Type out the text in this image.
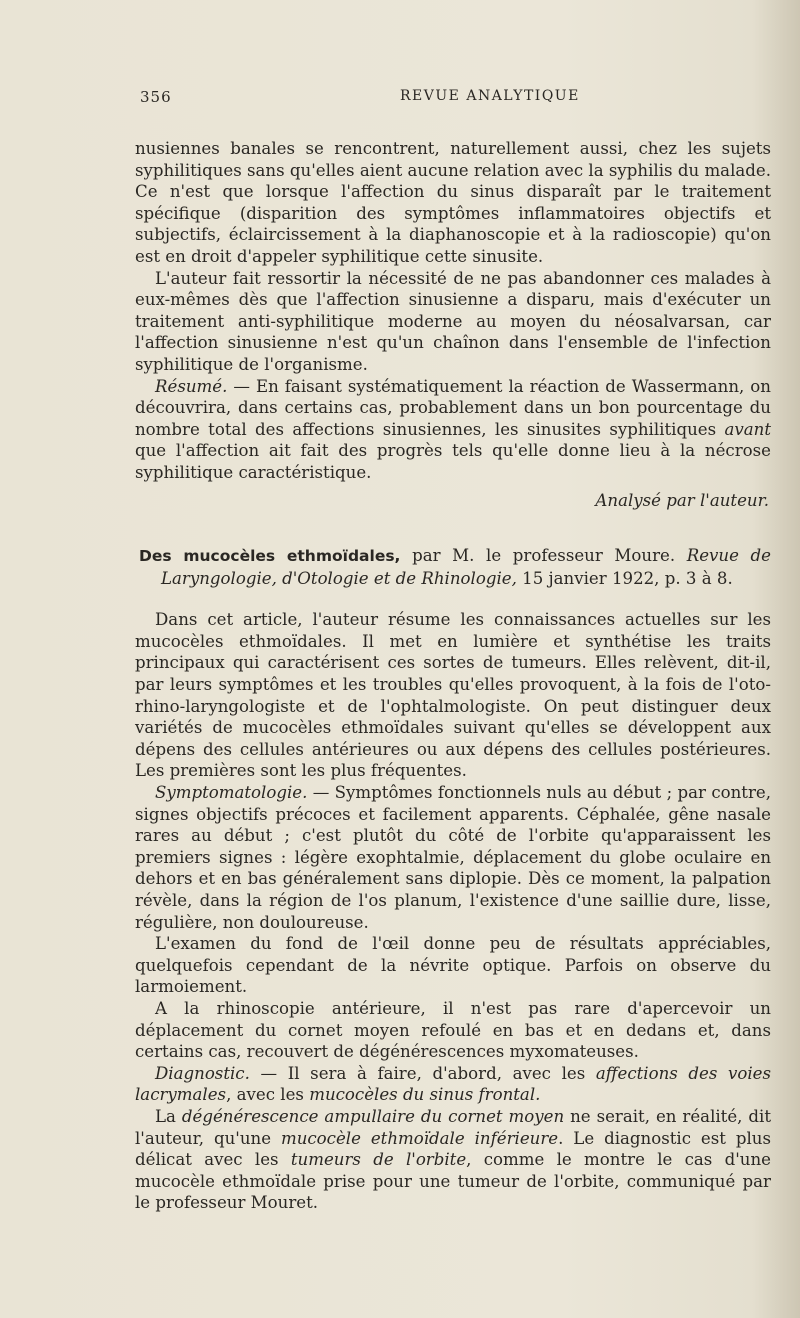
356	REVUE ANALYTIQUE

nusiennes banales se rencontrent, naturellement aussi, chez les sujets syphilitiques sans qu'elles aient aucune relation avec la syphilis du malade. Ce n'est que lorsque l'affection du sinus disparaît par le traitement spécifique (disparition des symptômes inflammatoires objectifs et subjectifs, éclaircissement à la diaphanoscopie et à la radioscopie) qu'on est en droit d'appeler syphilitique cette sinusite.

L'auteur fait ressortir la nécessité de ne pas abandonner ces malades à eux-mêmes dès que l'affection sinusienne a disparu, mais d'exécuter un traitement anti-syphilitique moderne au moyen du néosalvarsan, car l'affection sinusienne n'est qu'un chaînon dans l'ensemble de l'infection syphilitique de l'organisme.

Résumé. — En faisant systématiquement la réaction de Wassermann, on découvrira, dans certains cas, probablement dans un bon pourcentage du nombre total des affections sinusiennes, les sinusites syphilitiques avant que l'affection ait fait des progrès tels qu'elle donne lieu à la nécrose syphilitique caractéristique.

Analysé par l'auteur.

Des mucocèles ethmoïdales, par M. le professeur Moure. Revue de Laryngologie, d'Otologie et de Rhinologie, 15 janvier 1922, p. 3 à 8.

Dans cet article, l'auteur résume les connaissances actuelles sur les mucocèles ethmoïdales. Il met en lumière et synthétise les traits principaux qui caractérisent ces sortes de tumeurs. Elles relèvent, dit-il, par leurs symptômes et les troubles qu'elles provoquent, à la fois de l'oto-rhino-laryngologiste et de l'ophtalmologiste. On peut distinguer deux variétés de mucocèles ethmoïdales suivant qu'elles se développent aux dépens des cellules antérieures ou aux dépens des cellules postérieures. Les premières sont les plus fréquentes.

Symptomatologie. — Symptômes fonctionnels nuls au début ; par contre, signes objectifs précoces et facilement apparents. Céphalée, gêne nasale rares au début ; c'est plutôt du côté de l'orbite qu'apparaissent les premiers signes : légère exophtalmie, déplacement du globe oculaire en dehors et en bas généralement sans diplopie. Dès ce moment, la palpation révèle, dans la région de l'os planum, l'existence d'une saillie dure, lisse, régulière, non douloureuse.

L'examen du fond de l'œil donne peu de résultats appréciables, quelquefois cependant de la névrite optique. Parfois on observe du larmoiement.

A la rhinoscopie antérieure, il n'est pas rare d'apercevoir un déplacement du cornet moyen refoulé en bas et en dedans et, dans certains cas, recouvert de dégénérescences myxomateuses.

Diagnostic. — Il sera à faire, d'abord, avec les affections des voies lacrymales, avec les mucocèles du sinus frontal.

La dégénérescence ampullaire du cornet moyen ne serait, en réalité, dit l'auteur, qu'une mucocèle ethmoïdale inférieure. Le diagnostic est plus délicat avec les tumeurs de l'orbite, comme le montre le cas d'une mucocèle ethmoïdale prise pour une tumeur de l'orbite, communiqué par le professeur Mouret.
